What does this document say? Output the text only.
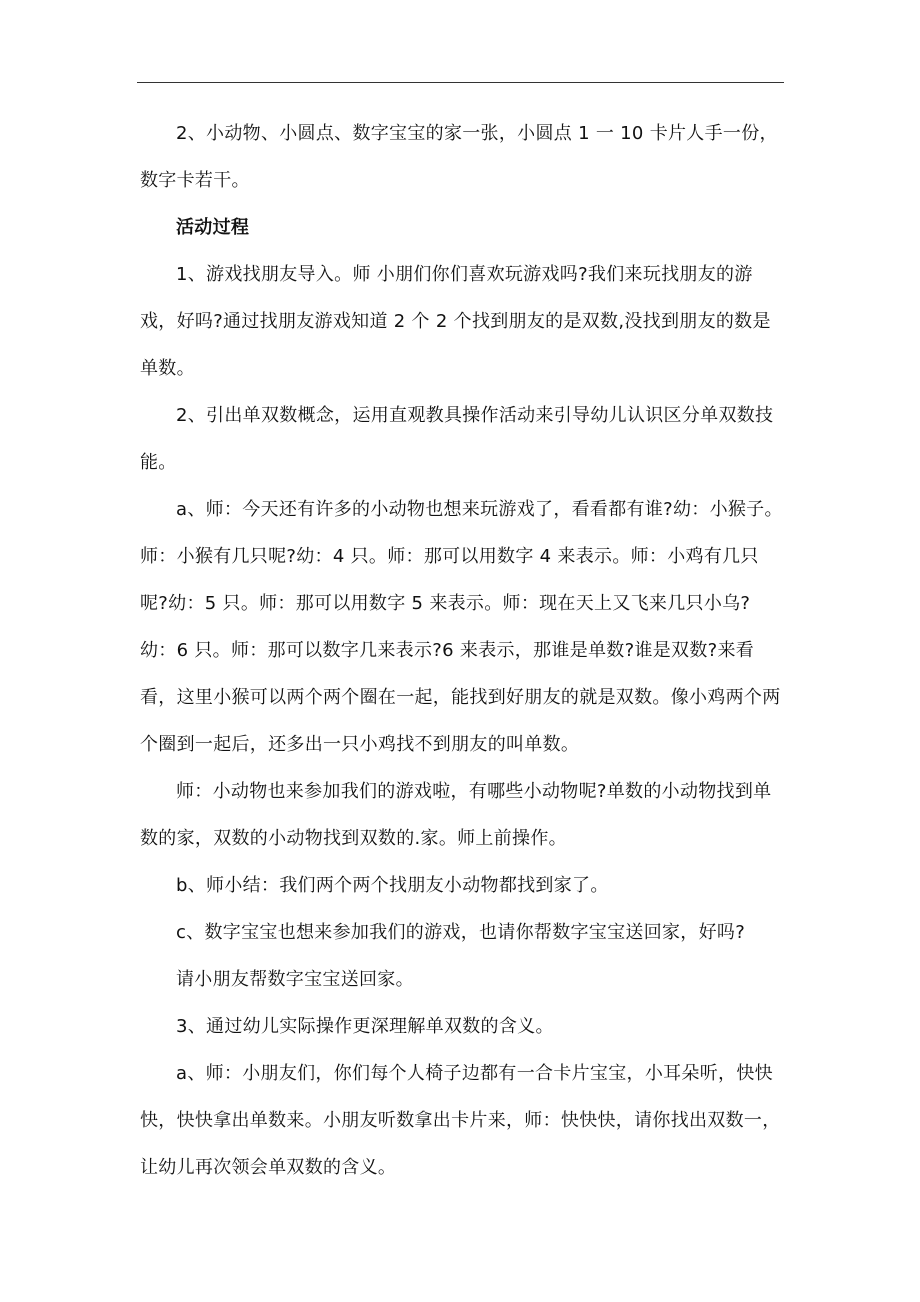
2、小动物、小圆点、数字宝宝的家一张，小圆点 1 一 10 卡片人手一份，数字卡若干。

活动过程

1、游戏找朋友导入。师 小朋们你们喜欢玩游戏吗?我们来玩找朋友的游戏，好吗?通过找朋友游戏知道 2 个 2 个找到朋友的是双数,没找到朋友的数是单数。

2、引出单双数概念，运用直观教具操作活动来引导幼儿认识区分单双数技能。

a、师：今天还有许多的小动物也想来玩游戏了，看看都有谁?幼：小猴子。师：小猴有几只呢?幼：4 只。师：那可以用数字 4 来表示。师：小鸡有几只呢?幼：5 只。师：那可以用数字 5 来表示。师：现在天上又飞来几只小乌?幼：6 只。师：那可以数字几来表示?6 来表示，那谁是单数?谁是双数?来看看，这里小猴可以两个两个圈在一起，能找到好朋友的就是双数。像小鸡两个两个圈到一起后，还多出一只小鸡找不到朋友的叫单数。

师：小动物也来参加我们的游戏啦，有哪些小动物呢?单数的小动物找到单数的家，双数的小动物找到双数的.家。师上前操作。

b、师小结：我们两个两个找朋友小动物都找到家了。

c、数字宝宝也想来参加我们的游戏，也请你帮数字宝宝送回家，好吗?

请小朋友帮数字宝宝送回家。

3、通过幼儿实际操作更深理解单双数的含义。

a、师：小朋友们，你们每个人椅子边都有一合卡片宝宝，小耳朵听，快快快，快快拿出单数来。小朋友听数拿出卡片来，师：快快快，请你找出双数一，让幼儿再次领会单双数的含义。
